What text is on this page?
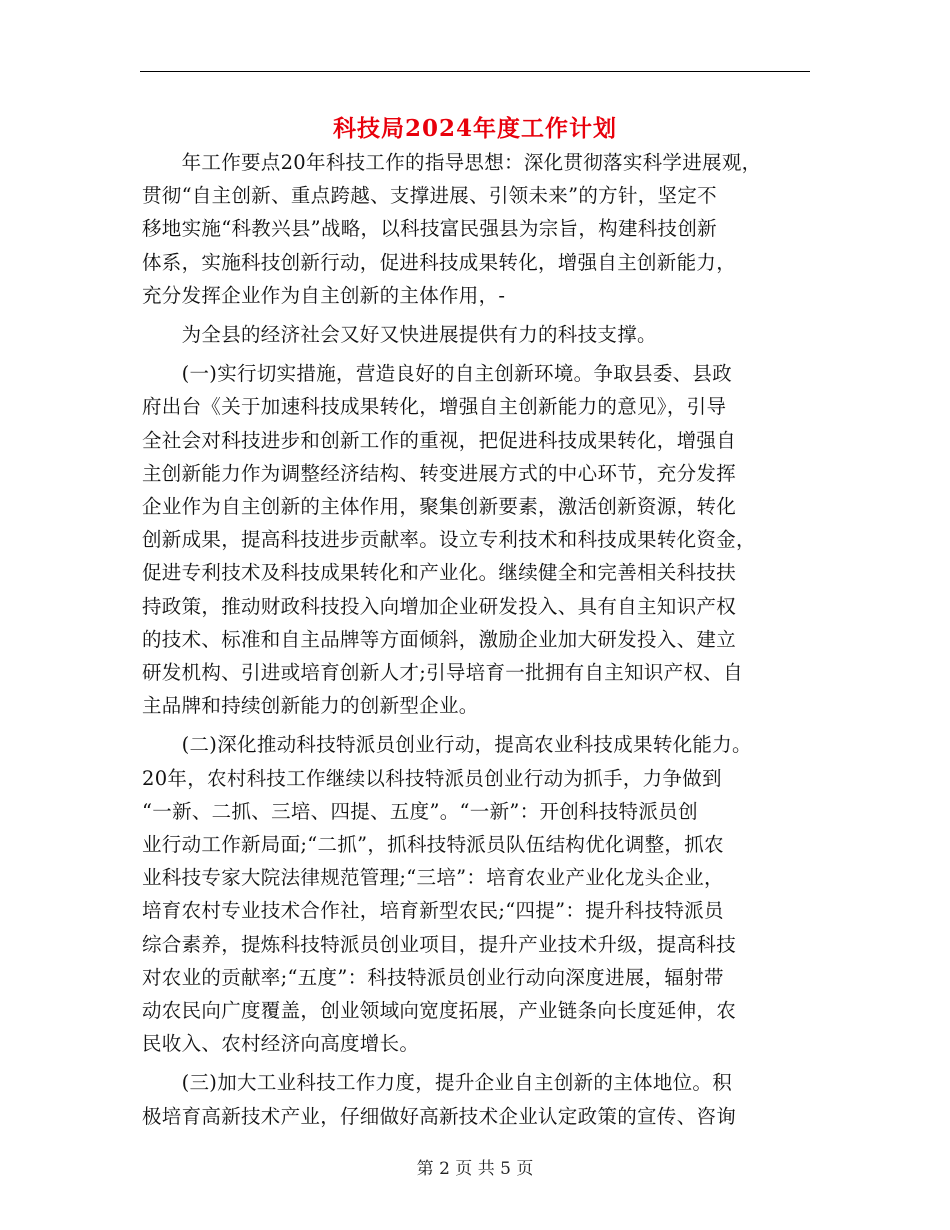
科技局2024年度工作计划
　　年工作要点20年科技工作的指导思想：深化贯彻落实科学进展观，
贯彻“自主创新、重点跨越、支撑进展、引领未来”的方针，坚定不
移地实施“科教兴县”战略，以科技富民强县为宗旨，构建科技创新
体系，实施科技创新行动，促进科技成果转化，增强自主创新能力，
充分发挥企业作为自主创新的主体作用，-
　　为全县的经济社会又好又快进展提供有力的科技支撑。
　　(一)实行切实措施，营造良好的自主创新环境。争取县委、县政
府出台《关于加速科技成果转化，增强自主创新能力的意见》，引导
全社会对科技进步和创新工作的重视，把促进科技成果转化，增强自
主创新能力作为调整经济结构、转变进展方式的中心环节，充分发挥
企业作为自主创新的主体作用，聚集创新要素，激活创新资源，转化
创新成果，提高科技进步贡献率。设立专利技术和科技成果转化资金，
促进专利技术及科技成果转化和产业化。继续健全和完善相关科技扶
持政策，推动财政科技投入向增加企业研发投入、具有自主知识产权
的技术、标准和自主品牌等方面倾斜，激励企业加大研发投入、建立
研发机构、引进或培育创新人才;引导培育一批拥有自主知识产权、自
主品牌和持续创新能力的创新型企业。
　　(二)深化推动科技特派员创业行动，提高农业科技成果转化能力。
20年，农村科技工作继续以科技特派员创业行动为抓手，力争做到
“一新、二抓、三培、四提、五度”。“一新”：开创科技特派员创
业行动工作新局面;“二抓”，抓科技特派员队伍结构优化调整，抓农
业科技专家大院法律规范管理;“三培”：培育农业产业化龙头企业，
培育农村专业技术合作社，培育新型农民;“四提”：提升科技特派员
综合素养，提炼科技特派员创业项目，提升产业技术升级，提高科技
对农业的贡献率;“五度”：科技特派员创业行动向深度进展，辐射带
动农民向广度覆盖，创业领域向宽度拓展，产业链条向长度延伸，农
民收入、农村经济向高度增长。
　　(三)加大工业科技工作力度，提升企业自主创新的主体地位。积
极培育高新技术产业，仔细做好高新技术企业认定政策的宣传、咨询
第 2 页 共 5 页
